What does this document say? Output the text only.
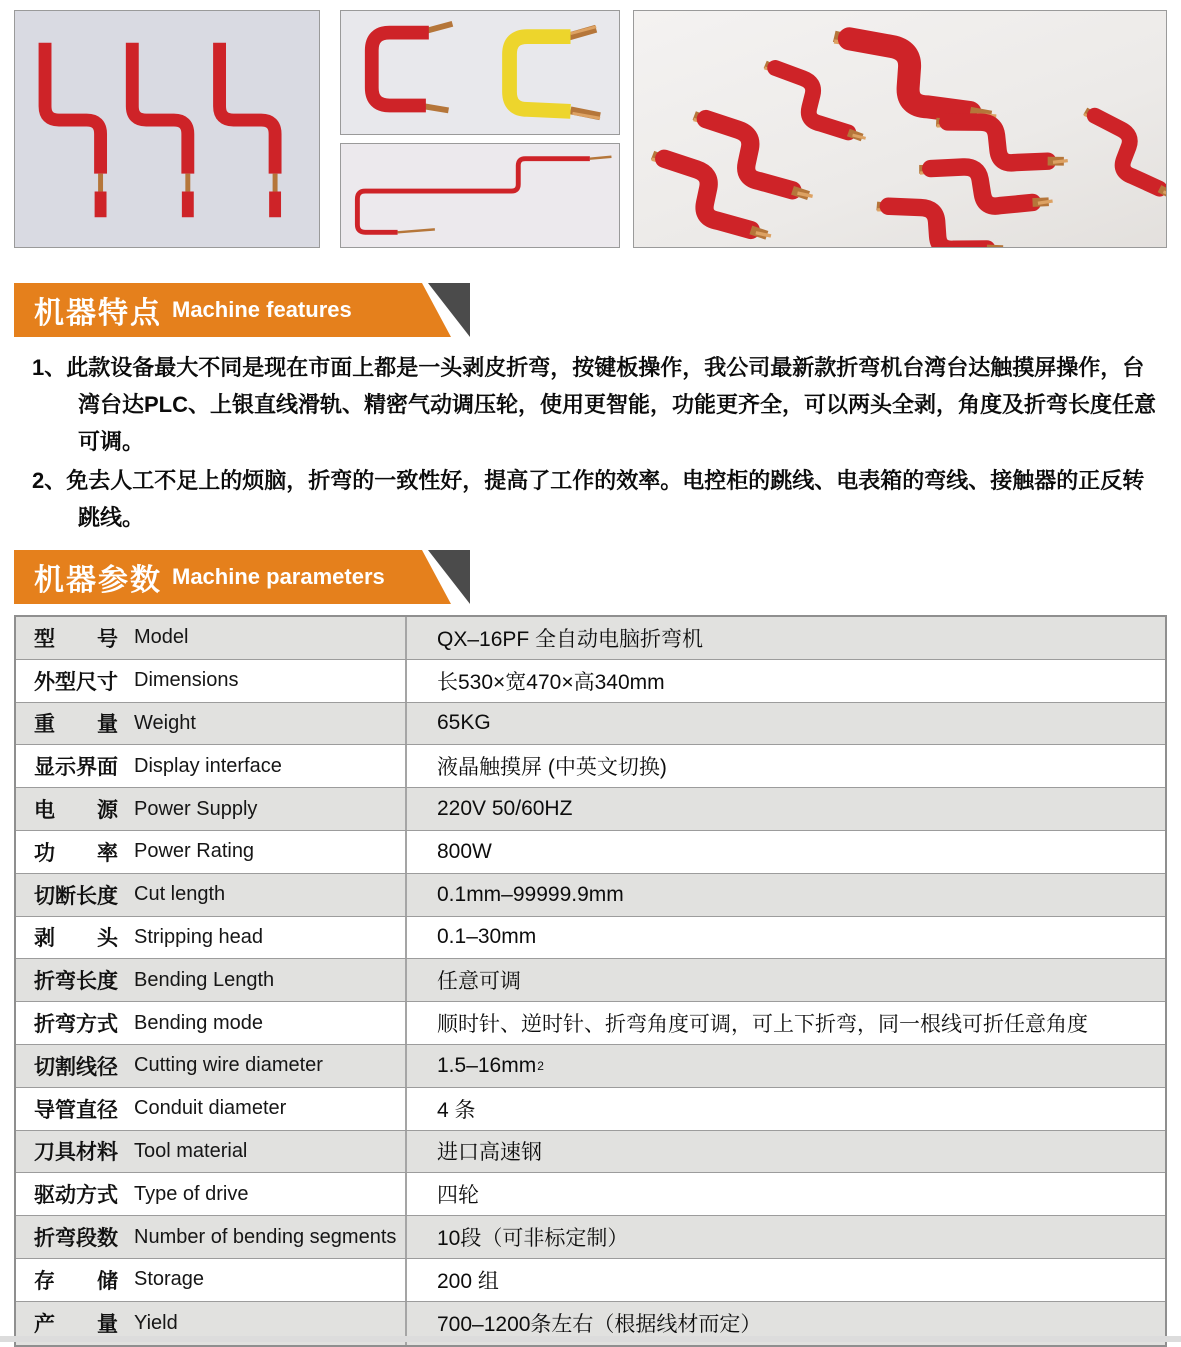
机器特点 Machine features
1、此款设备最大不同是现在市面上都是一头剥皮折弯，按键板操作，我公司最新款折弯机台湾台达触摸屏操作，台湾台达PLC、上银直线滑轨、精密气动调压轮，使用更智能，功能更齐全，可以两头全剥，角度及折弯长度任意可调。
2、免去人工不足上的烦脑，折弯的一致性好，提高了工作的效率。电控柜的跳线、电表箱的弯线、接触器的正反转跳线。
机器参数 Machine parameters
型　　号 Model	QX–16PF 全自动电脑折弯机
外型尺寸 Dimensions	长530×宽470×高340mm
重　　量 Weight	65KG
显示界面 Display interface	液晶触摸屏 (中英文切换)
电　　源 Power Supply	220V 50/60HZ
功　　率 Power Rating	800W
切断长度 Cut length	0.1mm–99999.9mm
剥　　头 Stripping head	0.1–30mm
折弯长度 Bending Length	任意可调
折弯方式 Bending mode	顺时针、逆时针、折弯角度可调，可上下折弯，同一根线可折任意角度
切割线径 Cutting wire diameter	1.5–16mm 2
导管直径 Conduit diameter	4 条
刀具材料 Tool material	进口高速钢
驱动方式 Type of drive	四轮
折弯段数 Number of bending segments	10段（可非标定制）
存　　储 Storage	200 组
产　　量 Yield	700–1200条左右（根据线材而定）
